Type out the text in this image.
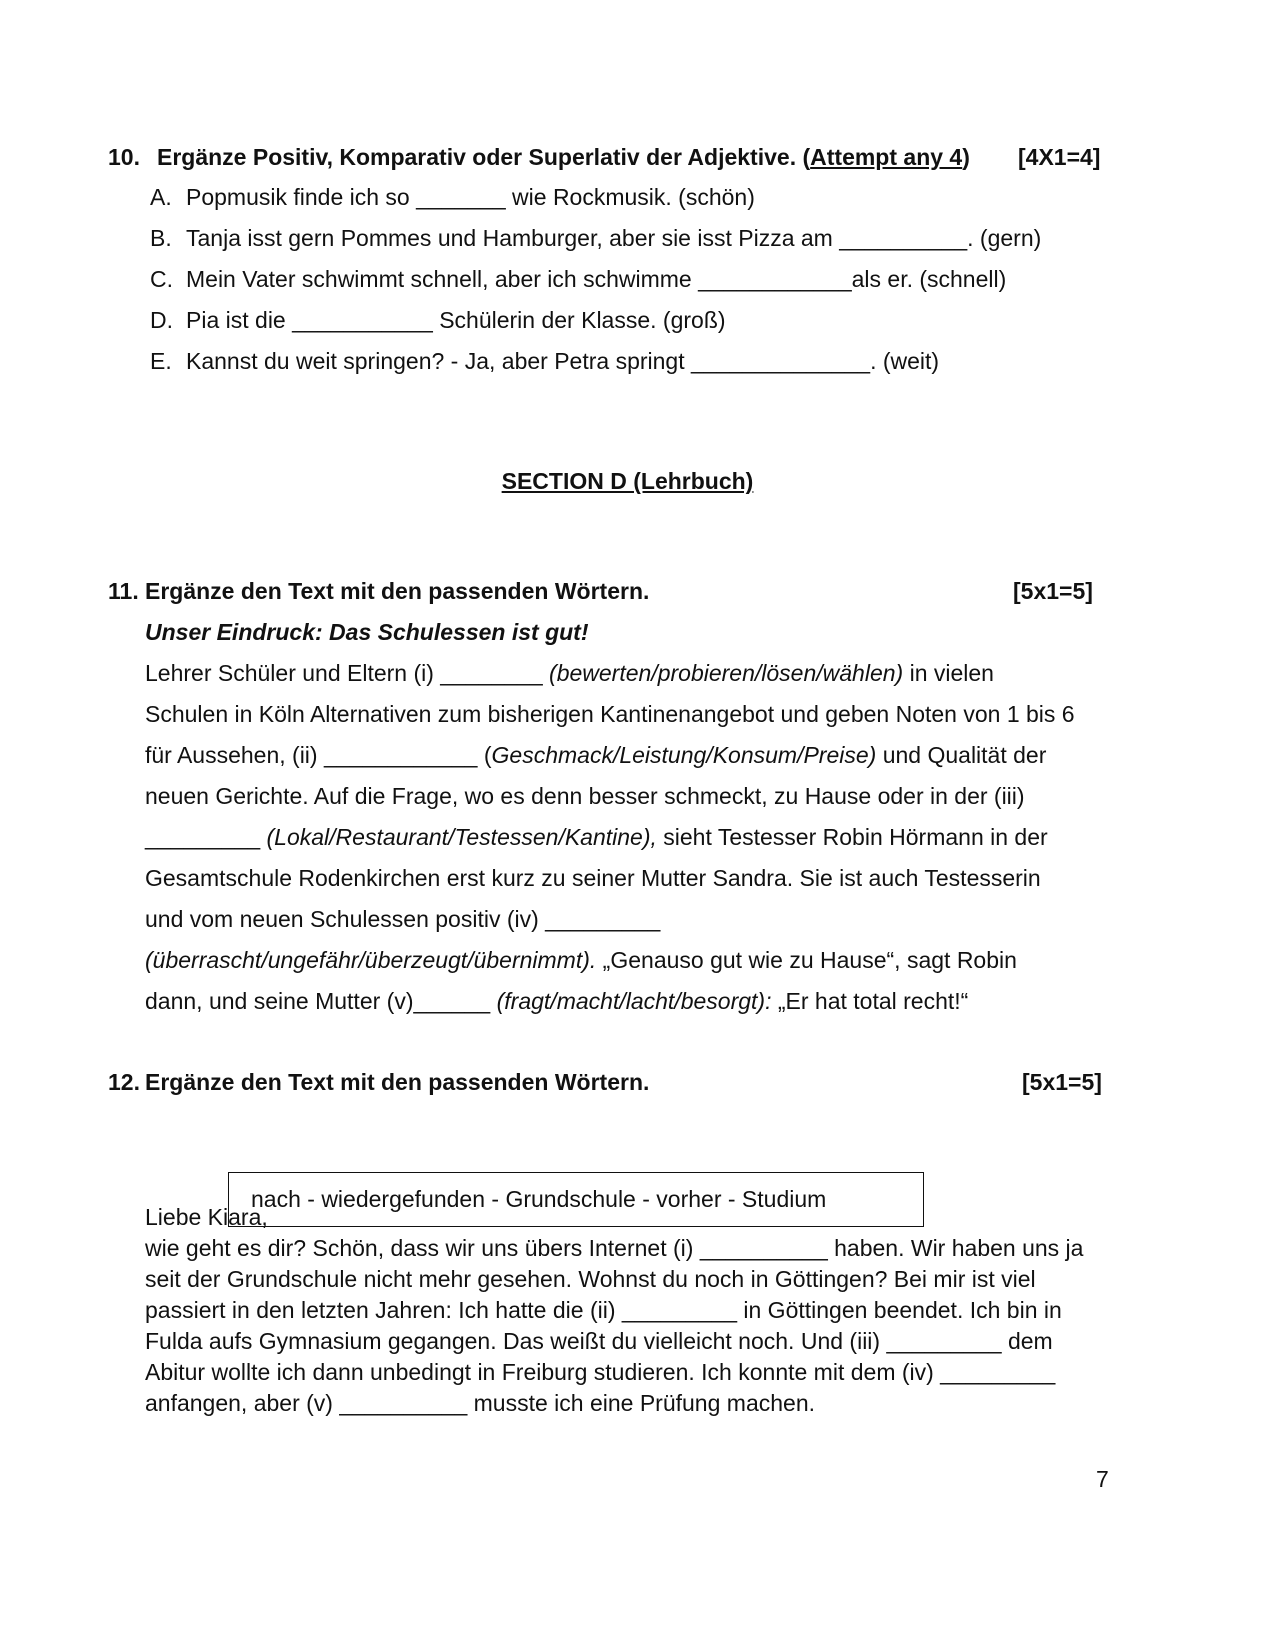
10. Ergänze Positiv, Komparativ oder Superlativ der Adjektive. (Attempt any 4) [4X1=4]
A. Popmusik finde ich so _______ wie Rockmusik. (schön)
B. Tanja isst gern Pommes und Hamburger, aber sie isst Pizza am __________. (gern)
C. Mein Vater schwimmt schnell, aber ich schwimme ____________als er. (schnell)
D. Pia ist die ___________ Schülerin der Klasse. (groß)
E. Kannst du weit springen? - Ja, aber Petra springt ______________. (weit)
SECTION D (Lehrbuch)
11. Ergänze den Text mit den passenden Wörtern.	[5x1=5]
Unser Eindruck: Das Schulessen ist gut!
Lehrer Schüler und Eltern (i) ________ (bewerten/probieren/lösen/wählen) in vielen
Schulen in Köln Alternativen zum bisherigen Kantinenangebot und geben Noten von 1 bis 6
für Aussehen, (ii) ____________ (Geschmack/Leistung/Konsum/Preise) und Qualität der
neuen Gerichte. Auf die Frage, wo es denn besser schmeckt, zu Hause oder in der (iii)
_________ (Lokal/Restaurant/Testessen/Kantine), sieht Testesser Robin Hörmann in der
Gesamtschule Rodenkirchen erst kurz zu seiner Mutter Sandra. Sie ist auch Testesserin
und vom neuen Schulessen positiv (iv) _________
(überrascht/ungefähr/überzeugt/übernimmt). „Genauso gut wie zu Hause“, sagt Robin
dann, und seine Mutter (v)______ (fragt/macht/lacht/besorgt): „Er hat total recht!“
12. Ergänze den Text mit den passenden Wörtern.	[5x1=5]
nach - wiedergefunden - Grundschule - vorher - Studium
Liebe Kiara,
wie geht es dir? Schön, dass wir uns übers Internet (i) __________ haben. Wir haben uns ja
seit der Grundschule nicht mehr gesehen. Wohnst du noch in Göttingen? Bei mir ist viel
passiert in den letzten Jahren: Ich hatte die (ii) _________ in Göttingen beendet. Ich bin in
Fulda aufs Gymnasium gegangen. Das weißt du vielleicht noch. Und (iii) _________ dem
Abitur wollte ich dann unbedingt in Freiburg studieren. Ich konnte mit dem (iv) _________
anfangen, aber (v) __________ musste ich eine Prüfung machen.
7
